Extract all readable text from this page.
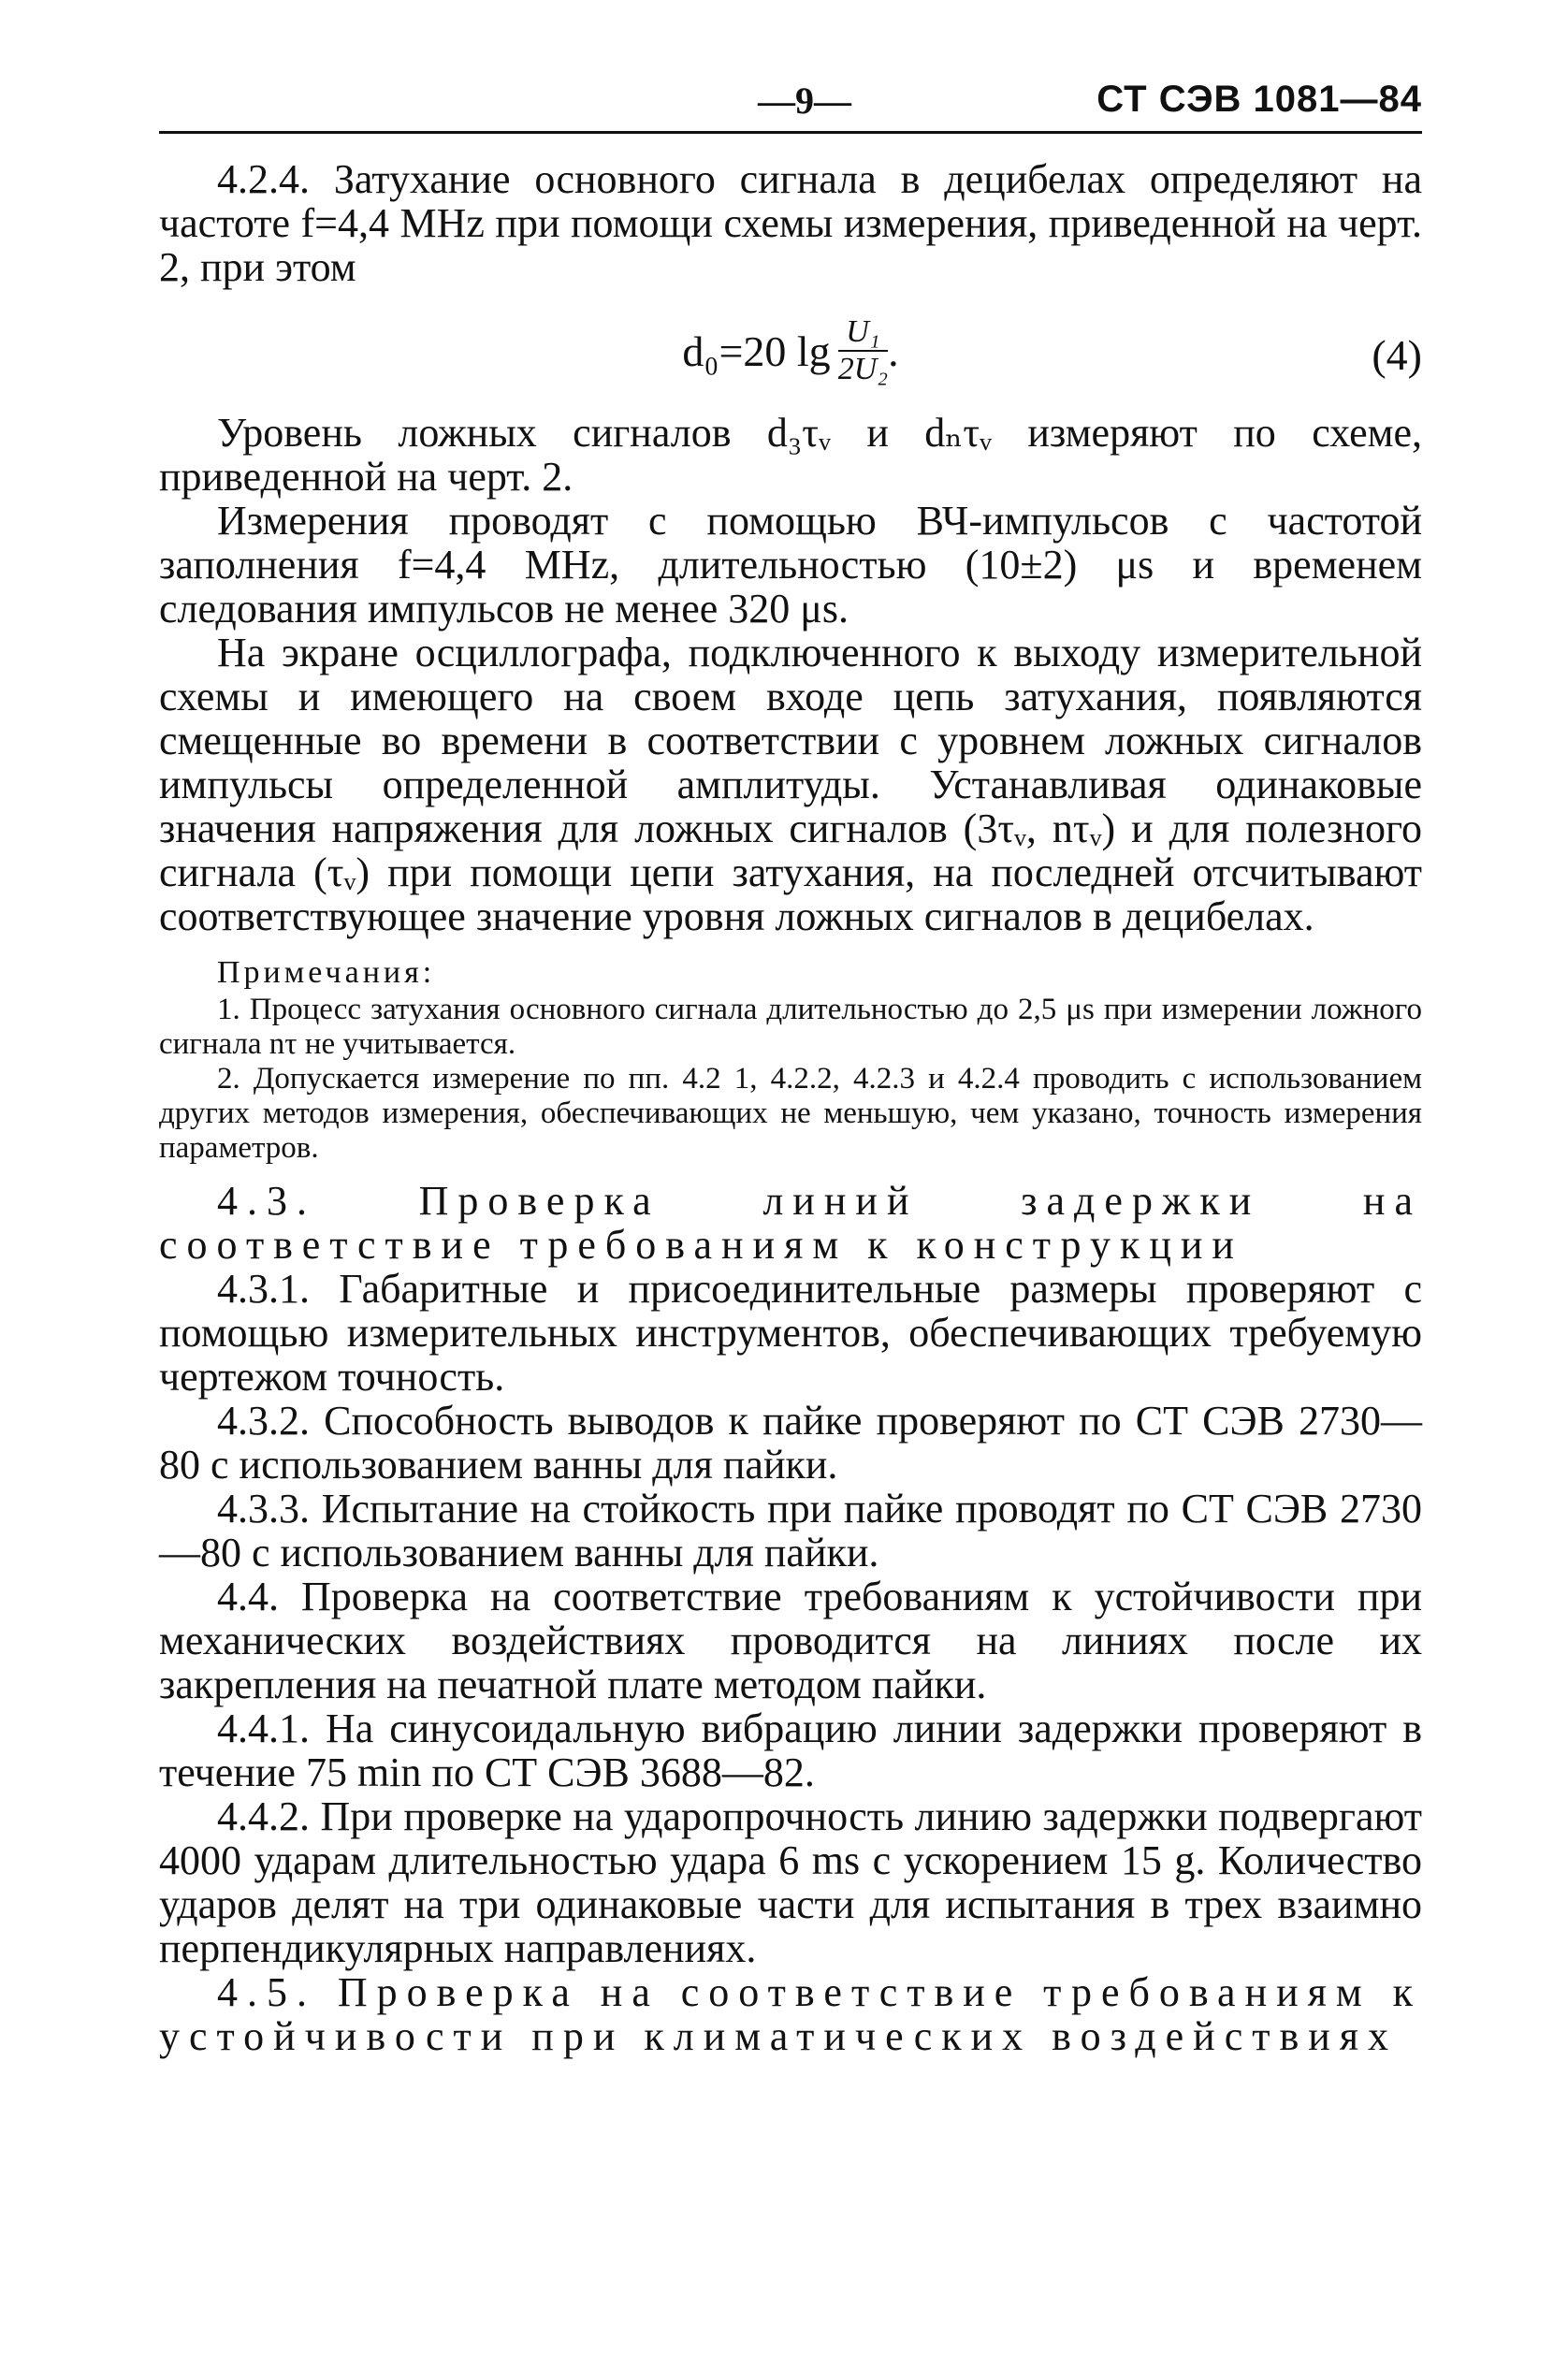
—9—	СТ СЭВ 1081—84

4.2.4. Затухание основного сигнала в децибелах определяют на частоте f=4,4 MHz при помощи схемы измерения, приведенной на черт. 2, при этом

d₀=20 $\lg \frac{\text{U₁}}{\text{2U₂}}$ .	(4)

Уровень ложных сигналов d₃τᵥ и dₙτᵥ измеряют по схеме, приведенной на черт. 2.

Измерения проводят с помощью ВЧ-импульсов с частотой заполнения f=4,4 MHz, длительностью (10±2) μs и временем следования импульсов не менее 320 μs.

На экране осциллографа, подключенного к выходу измерительной схемы и имеющего на своем входе цепь затухания, появляются смещенные во времени в соответствии с уровнем ложных сигналов импульсы определенной амплитуды. Устанавливая одинаковые значения напряжения для ложных сигналов (3τᵥ, nτᵥ) и для полезного сигнала (τᵥ) при помощи цепи затухания, на последней отсчитывают соответствующее значение уровня ложных сигналов в децибелах.

Примечания:

1. Процесс затухания основного сигнала длительностью до 2,5 μs при измерении ложного сигнала nτ не учитывается.

2. Допускается измерение по пп. 4.2 1, 4.2.2, 4.2.3 и 4.2.4 проводить с использованием других методов измерения, обеспечивающих не меньшую, чем указано, точность измерения параметров.

4.3. Проверка линий задержки на соответствие требованиям к конструкции

4.3.1. Габаритные и присоединительные размеры проверяют с помощью измерительных инструментов, обеспечивающих требуемую чертежом точность.

4.3.2. Способность выводов к пайке проверяют по СТ СЭВ 2730—80 с использованием ванны для пайки.

4.3.3. Испытание на стойкость при пайке проводят по СТ СЭВ 2730—80 с использованием ванны для пайки.

4.4. Проверка на соответствие требованиям к устойчивости при механических воздействиях проводится на линиях после их закрепления на печатной плате методом пайки.

4.4.1. На синусоидальную вибрацию линии задержки проверяют в течение 75 min по СТ СЭВ 3688—82.

4.4.2. При проверке на ударопрочность линию задержки подвергают 4000 ударам длительностью удара 6 ms с ускорением 15 g. Количество ударов делят на три одинаковые части для испытания в трех взаимно перпендикулярных направлениях.

4.5. Проверка на соответствие требованиям к устойчивости при климатических воздействиях
